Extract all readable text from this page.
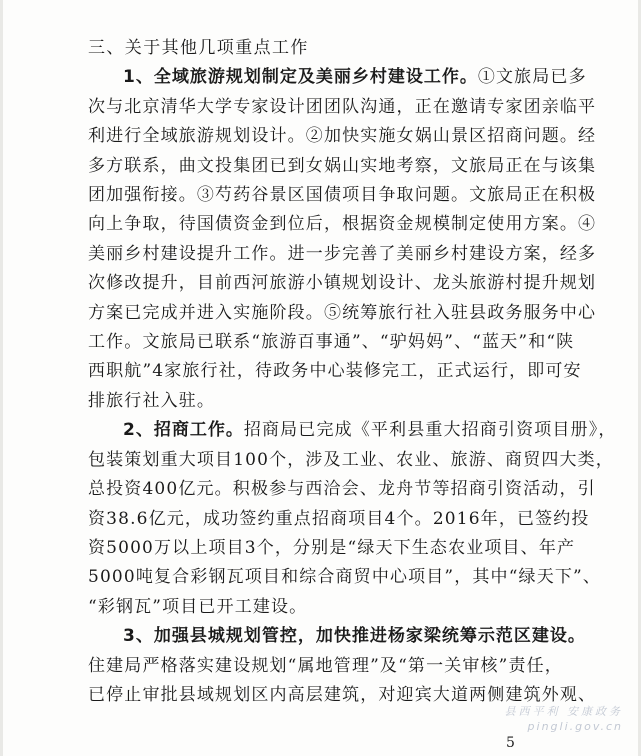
三、关于其他几项重点工作
1、全域旅游规划制定及美丽乡村建设工作。①文旅局已多
次与北京清华大学专家设计团团队沟通，正在邀请专家团亲临平
利进行全域旅游规划设计。②加快实施女娲山景区招商问题。经
多方联系，曲文投集团已到女娲山实地考察，文旅局正在与该集
团加强衔接。③芍药谷景区国债项目争取问题。文旅局正在积极
向上争取，待国债资金到位后，根据资金规模制定使用方案。④
美丽乡村建设提升工作。进一步完善了美丽乡村建设方案，经多
次修改提升，目前西河旅游小镇规划设计、龙头旅游村提升规划
方案已完成并进入实施阶段。⑤统筹旅行社入驻县政务服务中心
工作。文旅局已联系“旅游百事通”、“驴妈妈”、“蓝天”和“陕
西职航”4家旅行社，待政务中心装修完工，正式运行，即可安
排旅行社入驻。
2、招商工作。招商局已完成《平利县重大招商引资项目册》，
包装策划重大项目100个，涉及工业、农业、旅游、商贸四大类，
总投资400亿元。积极参与西洽会、龙舟节等招商引资活动，引
资38.6亿元，成功签约重点招商项目4个。2016年，已签约投
资5000万以上项目3个，分别是“绿天下生态农业项目、年产
5000吨复合彩钢瓦项目和综合商贸中心项目”，其中“绿天下”、
“彩钢瓦”项目已开工建设。
3、加强县城规划管控，加快推进杨家梁统筹示范区建设。
住建局严格落实建设规划“属地管理”及“第一关审核”责任，
已停止审批县域规划区内高层建筑，对迎宾大道两侧建筑外观、
县西平利 安康政务
pingli.gov.cn
5
